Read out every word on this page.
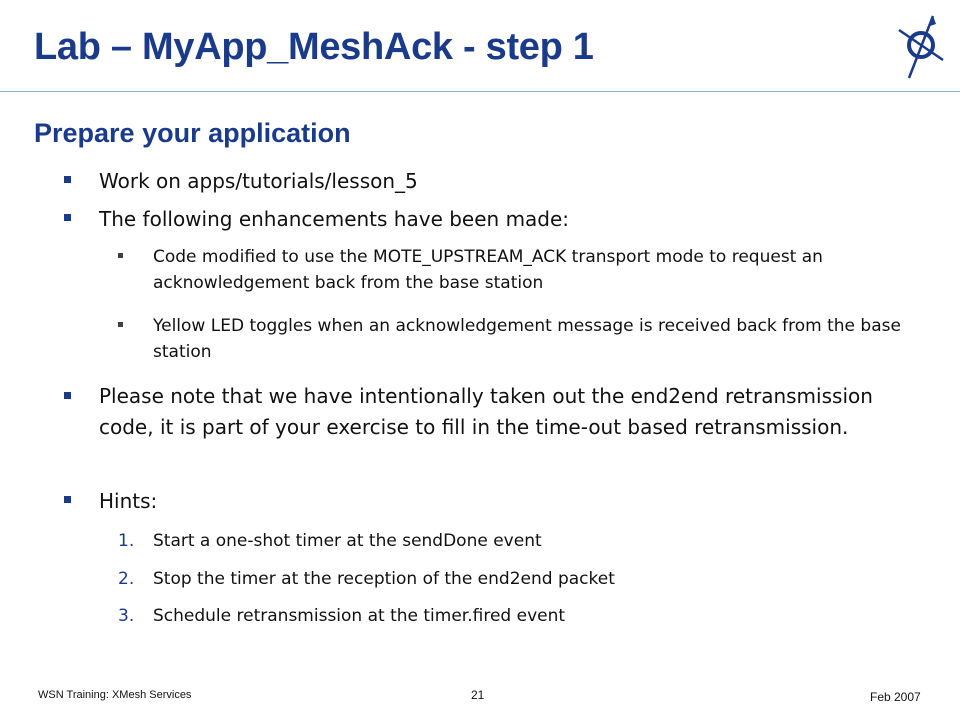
Lab – MyApp_MeshAck - step 1
Prepare your application
Work on apps/tutorials/lesson_5
The following enhancements have been made:
Code modified to use the MOTE_UPSTREAM_ACK transport mode to request an acknowledgement back from the base station
Yellow LED toggles when an acknowledgement message is received back from the base station
Please note that we have intentionally taken out the end2end retransmission code, it is part of your exercise to fill in the time-out based retransmission.
Hints:
1. Start a one-shot timer at the sendDone event
2. Stop the timer at the reception of the end2end packet
3. Schedule retransmission at the timer.fired event
WSN Training: XMesh Services	21	Feb 2007
